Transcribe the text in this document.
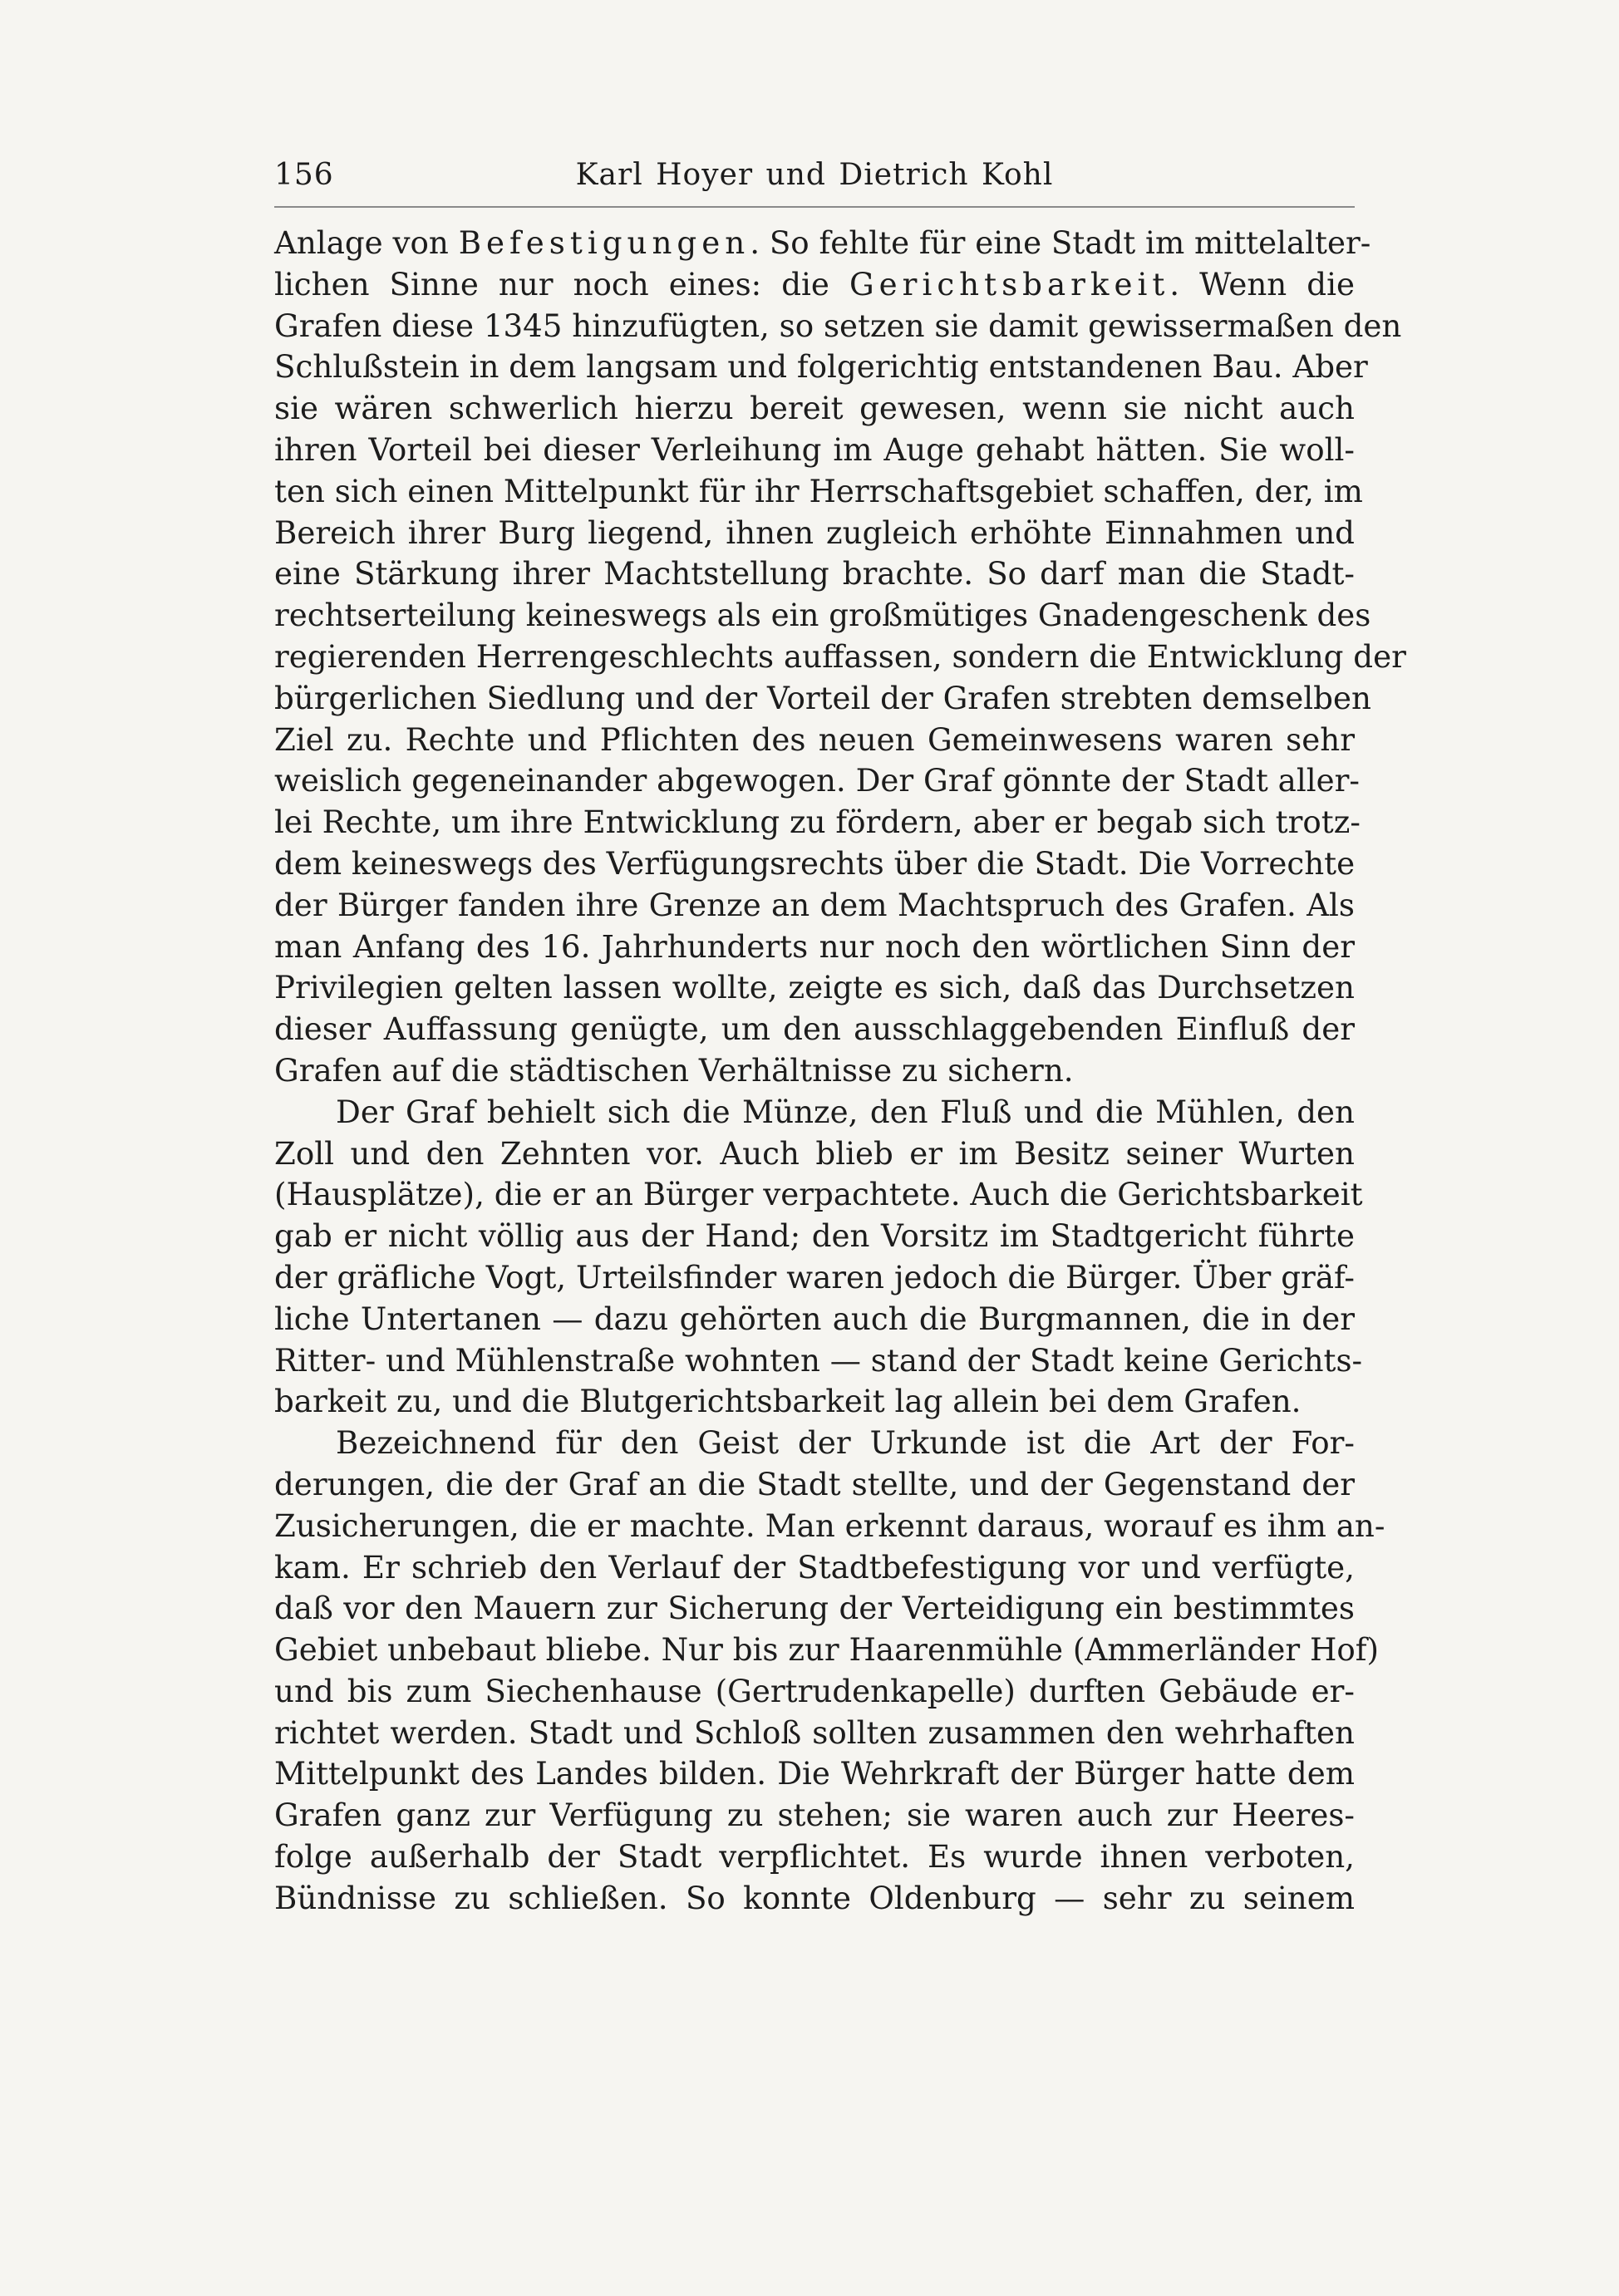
156	Karl Hoyer und Dietrich Kohl
Anlage von Befestigungen. So fehlte für eine Stadt im mittelalter-
lichen Sinne nur noch eines: die Gerichtsbarkeit. Wenn die
Grafen diese 1345 hinzufügten, so setzen sie damit gewissermaßen den
Schlußstein in dem langsam und folgerichtig entstandenen Bau. Aber
sie wären schwerlich hierzu bereit gewesen, wenn sie nicht auch
ihren Vorteil bei dieser Verleihung im Auge gehabt hätten. Sie woll-
ten sich einen Mittelpunkt für ihr Herrschaftsgebiet schaffen, der, im
Bereich ihrer Burg liegend, ihnen zugleich erhöhte Einnahmen und
eine Stärkung ihrer Machtstellung brachte. So darf man die Stadt-
rechtserteilung keineswegs als ein großmütiges Gnadengeschenk des
regierenden Herrengeschlechts auffassen, sondern die Entwicklung der
bürgerlichen Siedlung und der Vorteil der Grafen strebten demselben
Ziel zu. Rechte und Pflichten des neuen Gemeinwesens waren sehr
weislich gegeneinander abgewogen. Der Graf gönnte der Stadt aller-
lei Rechte, um ihre Entwicklung zu fördern, aber er begab sich trotz-
dem keineswegs des Verfügungsrechts über die Stadt. Die Vorrechte
der Bürger fanden ihre Grenze an dem Machtspruch des Grafen. Als
man Anfang des 16. Jahrhunderts nur noch den wörtlichen Sinn der
Privilegien gelten lassen wollte, zeigte es sich, daß das Durchsetzen
dieser Auffassung genügte, um den ausschlaggebenden Einfluß der
Grafen auf die städtischen Verhältnisse zu sichern.
Der Graf behielt sich die Münze, den Fluß und die Mühlen, den
Zoll und den Zehnten vor. Auch blieb er im Besitz seiner Wurten
(Hausplätze), die er an Bürger verpachtete. Auch die Gerichtsbarkeit
gab er nicht völlig aus der Hand; den Vorsitz im Stadtgericht führte
der gräfliche Vogt, Urteilsfinder waren jedoch die Bürger. Über gräf-
liche Untertanen — dazu gehörten auch die Burgmannen, die in der
Ritter- und Mühlenstraße wohnten — stand der Stadt keine Gerichts-
barkeit zu, und die Blutgerichtsbarkeit lag allein bei dem Grafen.
Bezeichnend für den Geist der Urkunde ist die Art der For-
derungen, die der Graf an die Stadt stellte, und der Gegenstand der
Zusicherungen, die er machte. Man erkennt daraus, worauf es ihm an-
kam. Er schrieb den Verlauf der Stadtbefestigung vor und verfügte,
daß vor den Mauern zur Sicherung der Verteidigung ein bestimmtes
Gebiet unbebaut bliebe. Nur bis zur Haarenmühle (Ammerländer Hof)
und bis zum Siechenhause (Gertrudenkapelle) durften Gebäude er-
richtet werden. Stadt und Schloß sollten zusammen den wehrhaften
Mittelpunkt des Landes bilden. Die Wehrkraft der Bürger hatte dem
Grafen ganz zur Verfügung zu stehen; sie waren auch zur Heeres-
folge außerhalb der Stadt verpflichtet. Es wurde ihnen verboten,
Bündnisse zu schließen. So konnte Oldenburg — sehr zu seinem
